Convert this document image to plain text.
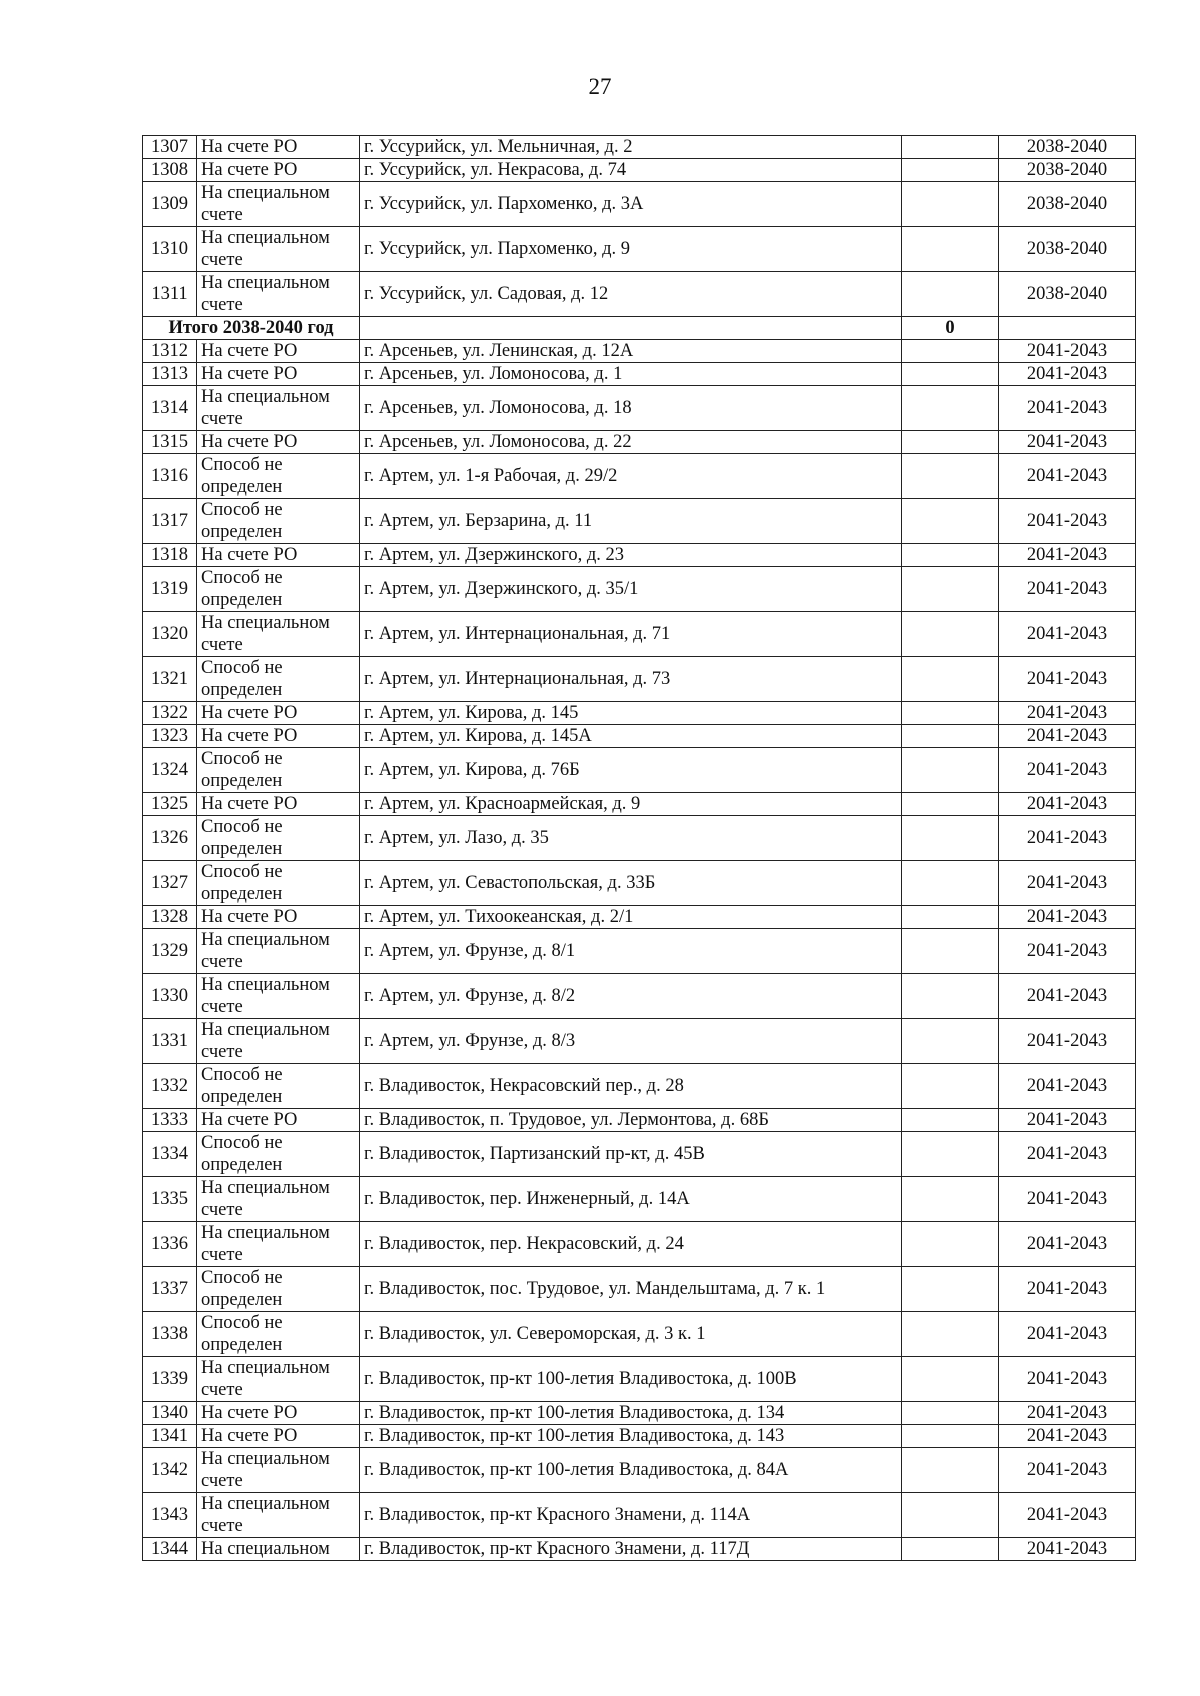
27
1307	На счете РО	г. Уссурийск, ул. Мельничная, д. 2		2038-2040
1308	На счете РО	г. Уссурийск, ул. Некрасова, д. 74		2038-2040
1309	На специальном счете	г. Уссурийск, ул. Пархоменко, д. 3А		2038-2040
1310	На специальном счете	г. Уссурийск, ул. Пархоменко, д. 9		2038-2040
1311	На специальном счете	г. Уссурийск, ул. Садовая, д. 12		2038-2040
Итого 2038-2040 год			0	
1312	На счете РО	г. Арсеньев, ул. Ленинская, д. 12А		2041-2043
1313	На счете РО	г. Арсеньев, ул. Ломоносова, д. 1		2041-2043
1314	На специальном счете	г. Арсеньев, ул. Ломоносова, д. 18		2041-2043
1315	На счете РО	г. Арсеньев, ул. Ломоносова, д. 22		2041-2043
1316	Способ не определен	г. Артем, ул. 1-я Рабочая, д. 29/2		2041-2043
1317	Способ не определен	г. Артем, ул. Берзарина, д. 11		2041-2043
1318	На счете РО	г. Артем, ул. Дзержинского, д. 23		2041-2043
1319	Способ не определен	г. Артем, ул. Дзержинского, д. 35/1		2041-2043
1320	На специальном счете	г. Артем, ул. Интернациональная, д. 71		2041-2043
1321	Способ не определен	г. Артем, ул. Интернациональная, д. 73		2041-2043
1322	На счете РО	г. Артем, ул. Кирова, д. 145		2041-2043
1323	На счете РО	г. Артем, ул. Кирова, д. 145А		2041-2043
1324	Способ не определен	г. Артем, ул. Кирова, д. 76Б		2041-2043
1325	На счете РО	г. Артем, ул. Красноармейская, д. 9		2041-2043
1326	Способ не определен	г. Артем, ул. Лазо, д. 35		2041-2043
1327	Способ не определен	г. Артем, ул. Севастопольская, д. 33Б		2041-2043
1328	На счете РО	г. Артем, ул. Тихоокеанская, д. 2/1		2041-2043
1329	На специальном счете	г. Артем, ул. Фрунзе, д. 8/1		2041-2043
1330	На специальном счете	г. Артем, ул. Фрунзе, д. 8/2		2041-2043
1331	На специальном счете	г. Артем, ул. Фрунзе, д. 8/3		2041-2043
1332	Способ не определен	г. Владивосток, Некрасовский пер., д. 28		2041-2043
1333	На счете РО	г. Владивосток, п. Трудовое, ул. Лермонтова, д. 68Б		2041-2043
1334	Способ не определен	г. Владивосток, Партизанский пр-кт, д. 45В		2041-2043
1335	На специальном счете	г. Владивосток, пер. Инженерный, д. 14А		2041-2043
1336	На специальном счете	г. Владивосток, пер. Некрасовский, д. 24		2041-2043
1337	Способ не определен	г. Владивосток, пос. Трудовое, ул. Мандельштама, д. 7 к. 1		2041-2043
1338	Способ не определен	г. Владивосток, ул. Североморская, д. 3 к. 1		2041-2043
1339	На специальном счете	г. Владивосток, пр-кт 100-летия Владивостока, д. 100В		2041-2043
1340	На счете РО	г. Владивосток, пр-кт 100-летия Владивостока, д. 134		2041-2043
1341	На счете РО	г. Владивосток, пр-кт 100-летия Владивостока, д. 143		2041-2043
1342	На специальном счете	г. Владивосток, пр-кт 100-летия Владивостока, д. 84А		2041-2043
1343	На специальном счете	г. Владивосток, пр-кт Красного Знамени, д. 114А		2041-2043
1344	На специальном	г. Владивосток, пр-кт Красного Знамени, д. 117Д		2041-2043
